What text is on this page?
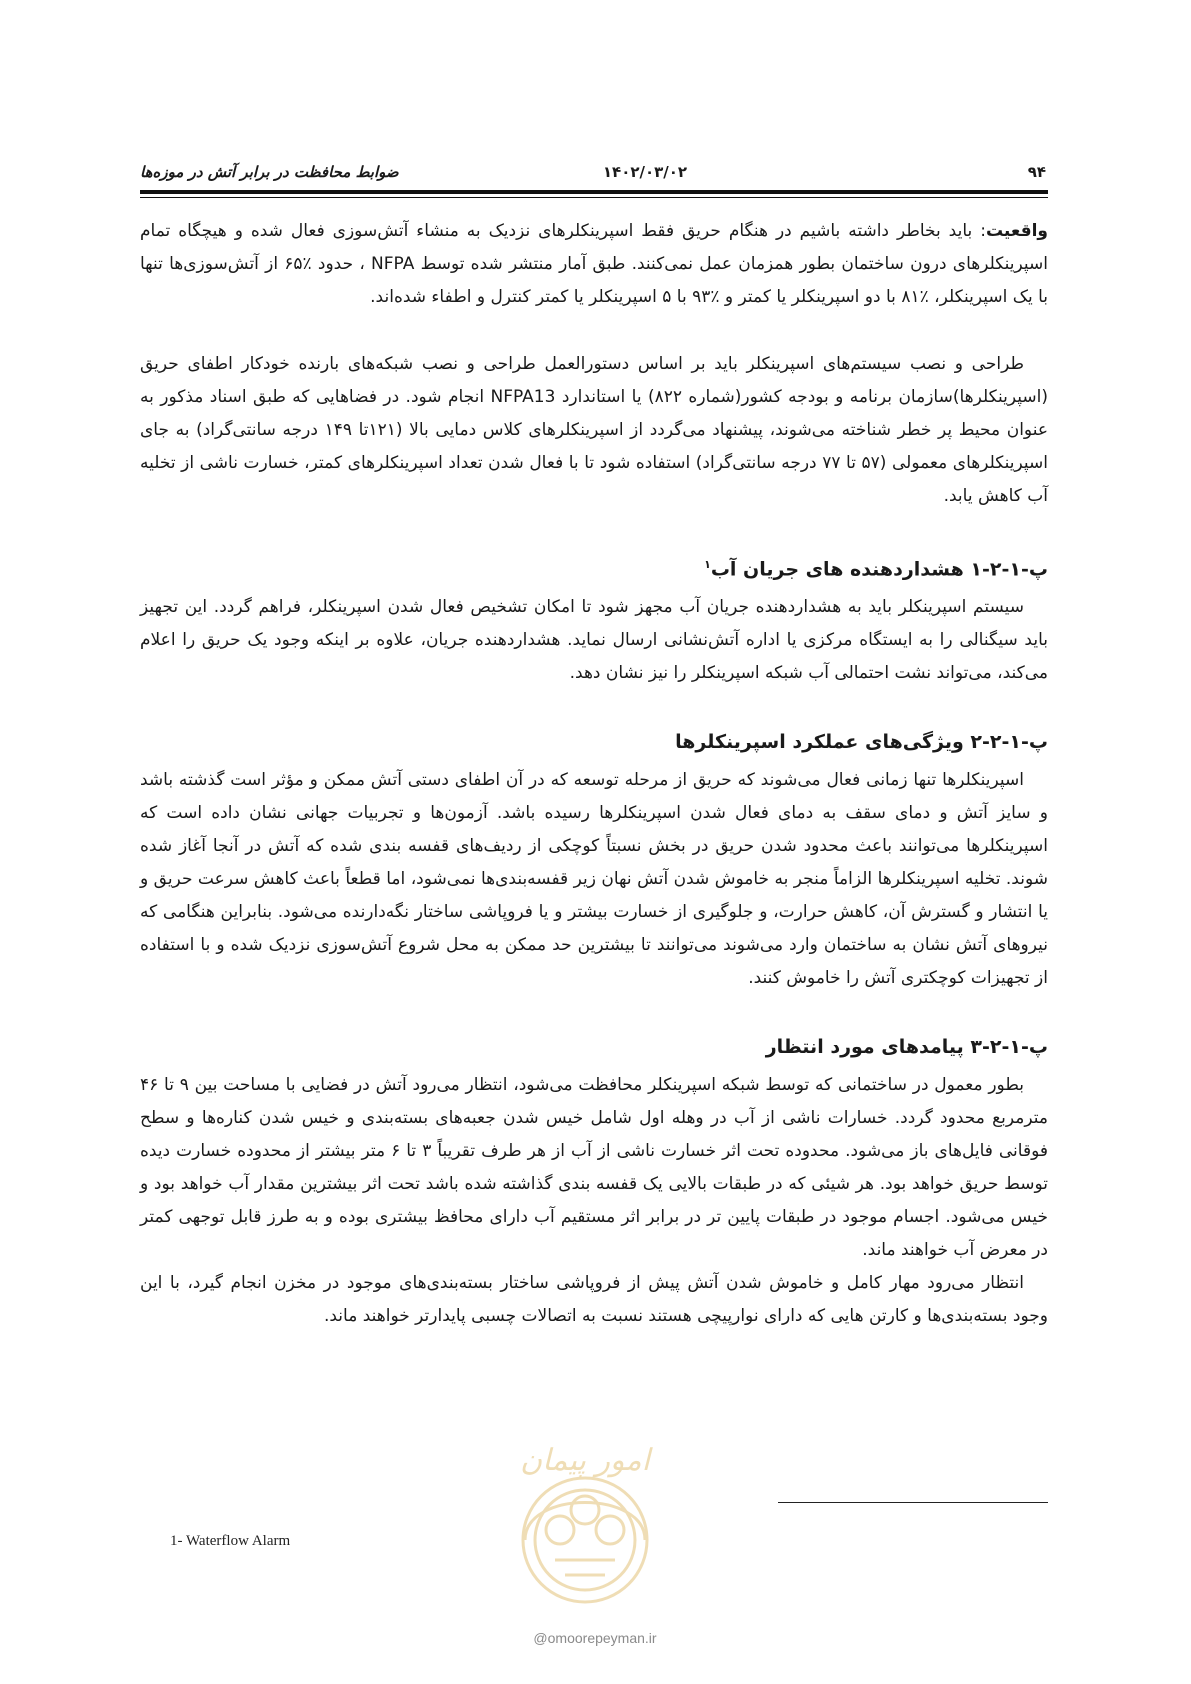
۹۴
۱۴۰۲/۰۳/۰۲
ضوابط محافظت در برابر آتش در موزه‌ها

واقعیت: باید بخاطر داشته باشیم در هنگام حریق فقط اسپرینکلرهای نزدیک به منشاء آتش‌سوزی فعال شده و هیچگاه تمام اسپرینکلرهای درون ساختمان بطور همزمان عمل نمی‌کنند. طبق آمار منتشر شده توسط NFPA ، حدود ٪۶۵ از آتش‌سوزی‌ها تنها با یک اسپرینکلر، ٪۸۱ با دو اسپرینکلر یا کمتر و ٪۹۳ با ۵ اسپرینکلر یا کمتر کنترل و اطفاء شده‌اند.

طراحی و نصب سیستم‌های اسپرینکلر باید بر اساس دستورالعمل طراحی و نصب شبکه‌های بارنده خودکار اطفای حریق (اسپرینکلرها)سازمان برنامه و بودجه کشور(شماره ۸۲۲) یا استاندارد NFPA13 انجام شود. در فضاهایی که طبق اسناد مذکور به عنوان محیط پر خطر شناخته می‌شوند، پیشنهاد می‌گردد از اسپرینکلرهای کلاس دمایی بالا (۱۲۱تا ۱۴۹ درجه سانتی‌گراد) به جای اسپرینکلرهای معمولی (۵۷ تا ۷۷ درجه سانتی‌گراد) استفاده شود تا با فعال شدن تعداد اسپرینکلرهای کمتر، خسارت ناشی از تخلیه آب کاهش یابد.

پ-۱-۲-۱ هشداردهنده های جریان آب$^۱$

سیستم اسپرینکلر باید به هشداردهنده جریان آب مجهز شود تا امکان تشخیص فعال شدن اسپرینکلر، فراهم گردد. این تجهیز باید سیگنالی را به ایستگاه مرکزی یا اداره آتش‌نشانی ارسال نماید. هشداردهنده جریان، علاوه بر اینکه وجود یک حریق را اعلام می‌کند، می‌تواند نشت احتمالی آب شبکه اسپرینکلر را نیز نشان دهد.

پ-۱-۲-۲ ویژگی‌های عملکرد اسپرینکلرها

اسپرینکلرها تنها زمانی فعال می‌شوند که حریق از مرحله توسعه که در آن اطفای دستی آتش ممکن و مؤثر است گذشته باشد و سایز آتش و دمای سقف به دمای فعال شدن اسپرینکلرها رسیده باشد. آزمون‌ها و تجربیات جهانی نشان داده است که اسپرینکلرها می‌توانند باعث محدود شدن حریق در بخش نسبتاً کوچکی از ردیف‌های قفسه بندی شده که آتش در آنجا آغاز شده شوند. تخلیه اسپرینکلرها الزاماً منجر به خاموش شدن آتش نهان زیر قفسه‌بندی‌ها نمی‌شود، اما قطعاً باعث کاهش سرعت حریق و یا انتشار و گسترش آن، کاهش حرارت، و جلوگیری از خسارت بیشتر و یا فروپاشی ساختار نگه‌دارنده می‌شود. بنابراین هنگامی که نیروهای آتش نشان به ساختمان وارد می‌شوند می‌توانند تا بیشترین حد ممکن به محل شروع آتش‌سوزی نزدیک شده و با استفاده از تجهیزات کوچکتری آتش را خاموش کنند.

پ-۱-۲-۳ پیامدهای مورد انتظار

بطور معمول در ساختمانی که توسط شبکه اسپرینکلر محافظت می‌شود، انتظار می‌رود آتش در فضایی با مساحت بین ۹ تا ۴۶ مترمربع محدود گردد. خسارات ناشی از آب در وهله اول شامل خیس شدن جعبه‌های بسته‌بندی و خیس شدن کناره‌ها و سطح فوقانی فایل‌های باز می‌شود. محدوده تحت اثر خسارت ناشی از آب از هر طرف تقریباً ۳ تا ۶ متر بیشتر از محدوده خسارت دیده توسط حریق خواهد بود. هر شیئی که در طبقات بالایی یک قفسه بندی گذاشته شده باشد تحت اثر بیشترین مقدار آب خواهد بود و خیس می‌شود. اجسام موجود در طبقات پایین تر در برابر اثر مستقیم آب دارای محافظ بیشتری بوده و به طرز قابل توجهی کمتر در معرض آب خواهند ماند.

انتظار می‌رود مهار کامل و خاموش شدن آتش پیش از فروپاشی ساختار بسته‌بندی‌های موجود در مخزن انجام گیرد، با این وجود بسته‌بندی‌ها و کارتن هایی که دارای نوارپیچی هستند نسبت به اتصالات چسبی پایدارتر خواهند ماند.

1- Waterflow Alarm
امور پیمان
@omoorepeyman.ir
